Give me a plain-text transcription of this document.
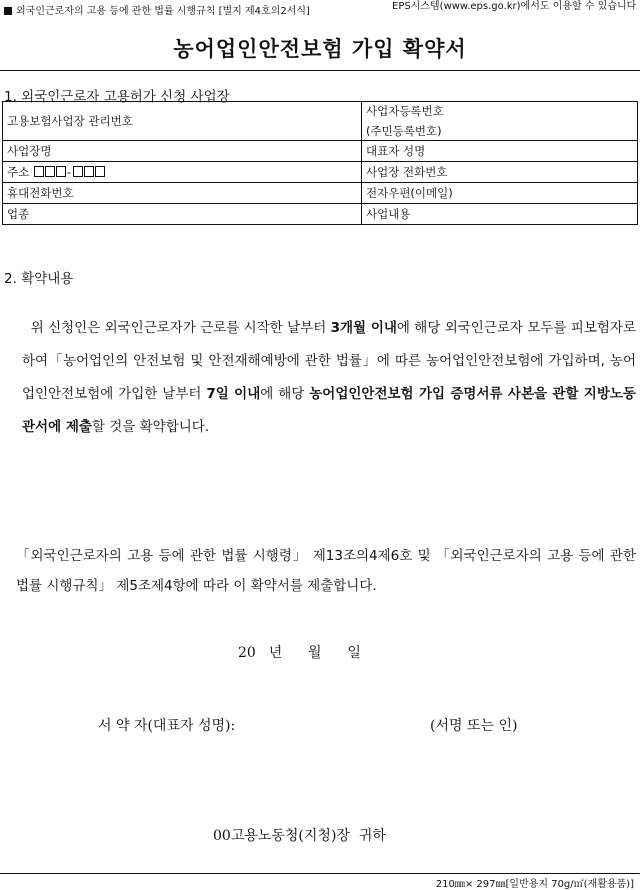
외국인근로자의 고용 등에 관한 법률 시행규칙 [별지 제4호의2서식]	EPS시스템(www.eps.go.kr)에서도 이용할 수 있습니다
농어업인안전보험 가입 확약서
1. 외국인근로자 고용허가 신청 사업장
고용보험사업장 관리번호	사업자등록번호
(주민등록번호)

사업장명	대표자 성명
주소 -	사업장 전화번호
휴대전화번호	전자우편(이메일)
업종	사업내용
2. 확약내용
위 신청인은 외국인근로자가 근로를 시작한 날부터 3개월 이내에 해당 외국인근로자 모두를 피보험자로 하여「농어업인의 안전보험 및 안전재해예방에 관한 법률」에 따른 농어업인안전보험에 가입하며, 농어업인안전보험에 가입한 날부터 7일 이내에 해당 농어업인안전보험 가입 증명서류 사본을 관할 지방노동관서에 제출할 것을 확약합니다.
「외국인근로자의 고용 등에 관한 법률 시행령」 제13조의4제6호 및 「외국인근로자의 고용 등에 관한 법률 시행규칙」 제5조제4항에 따라 이 확약서를 제출합니다.
20  년    월    일
서 약 자(대표자 성명):	(서명 또는 인)
00고용노동청(지청)장  귀하
210㎜× 297㎜[일반용지 70g/㎡(재활용품)]
